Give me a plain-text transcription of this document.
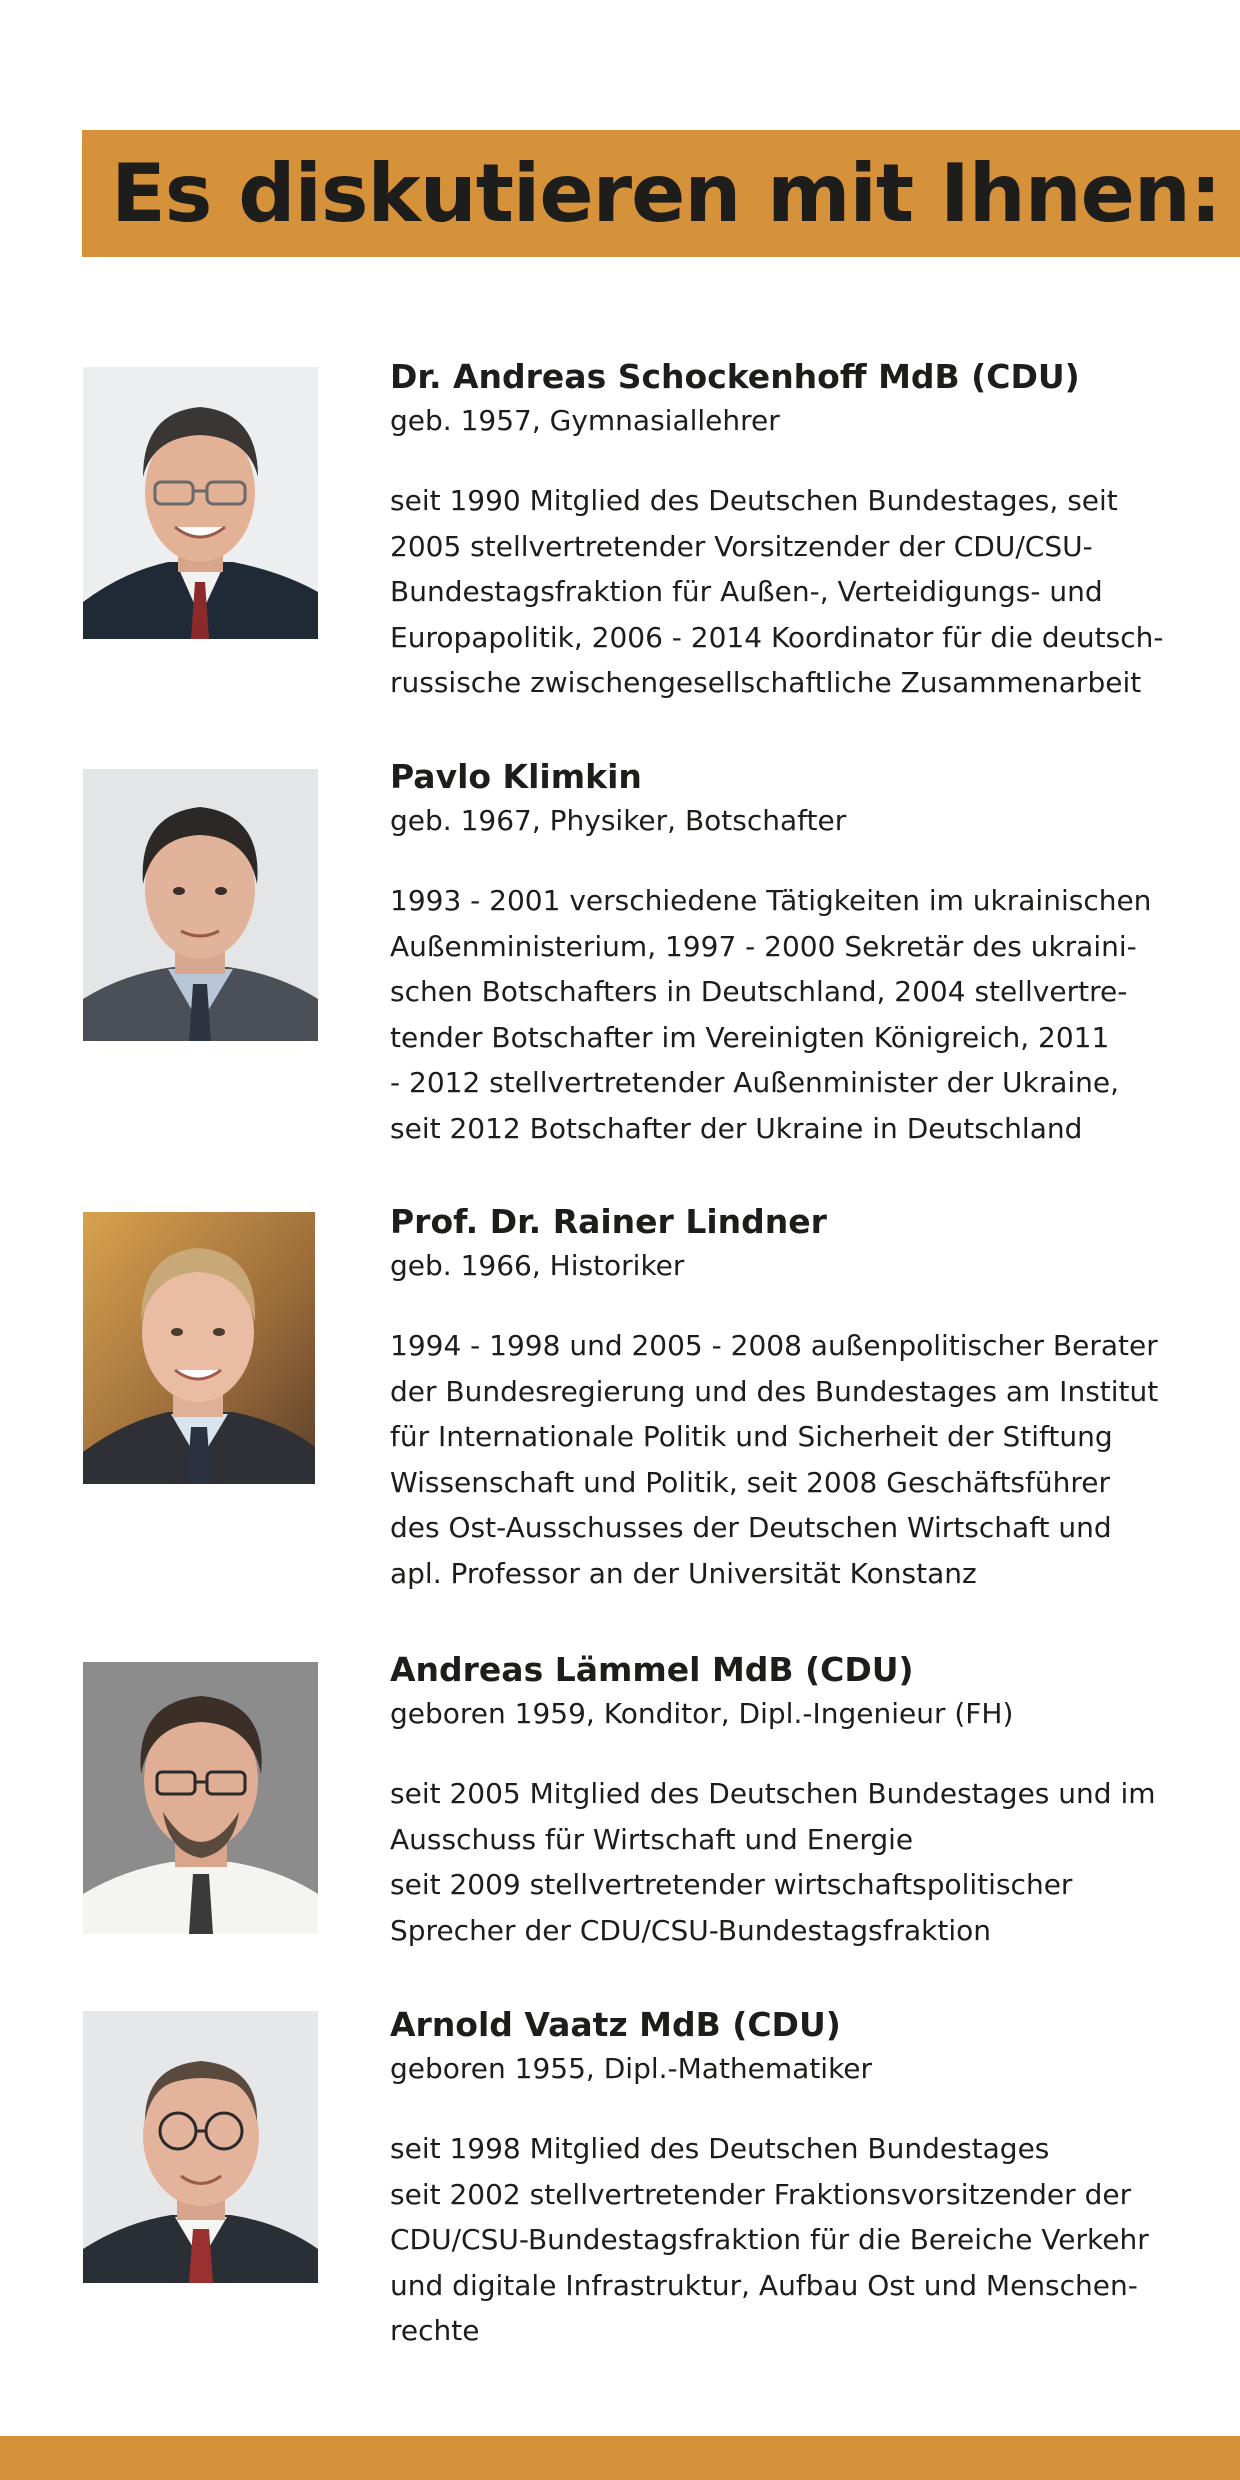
Es diskutieren mit Ihnen:
Dr. Andreas Schockenhoff MdB (CDU)
geb. 1957, Gymnasiallehrer
seit 1990 Mitglied des Deutschen Bundestages, seit
2005 stellvertretender Vorsitzender der CDU/CSU-
Bundestagsfraktion für Außen-, Verteidigungs- und
Europapolitik, 2006 - 2014 Koordinator für die deutsch-
russische zwischengesellschaftliche Zusammenarbeit
Pavlo Klimkin
geb. 1967, Physiker, Botschafter
1993 - 2001 verschiedene Tätigkeiten im ukrainischen
Außenministerium, 1997 - 2000 Sekretär des ukraini-
schen Botschafters in Deutschland, 2004 stellvertre-
tender Botschafter im Vereinigten Königreich, 2011
- 2012 stellvertretender Außenminister der Ukraine,
seit 2012 Botschafter der Ukraine in Deutschland
Prof. Dr. Rainer Lindner
geb. 1966, Historiker
1994 - 1998 und 2005 - 2008 außenpolitischer Berater
der Bundesregierung und des Bundestages am Institut
für Internationale Politik und Sicherheit der Stiftung
Wissenschaft und Politik, seit 2008 Geschäftsführer
des Ost-Ausschusses der Deutschen Wirtschaft und
apl. Professor an der Universität Konstanz
Andreas Lämmel MdB (CDU)
geboren 1959, Konditor, Dipl.-Ingenieur (FH)
seit 2005 Mitglied des Deutschen Bundestages und im
Ausschuss für Wirtschaft und Energie
seit 2009 stellvertretender wirtschaftspolitischer
Sprecher der CDU/CSU-Bundestagsfraktion
Arnold Vaatz MdB (CDU)
geboren 1955, Dipl.-Mathematiker
seit 1998 Mitglied des Deutschen Bundestages
seit 2002 stellvertretender Fraktionsvorsitzender der
CDU/CSU-Bundestagsfraktion für die Bereiche Verkehr
und digitale Infrastruktur, Aufbau Ost und Menschen-
rechte
